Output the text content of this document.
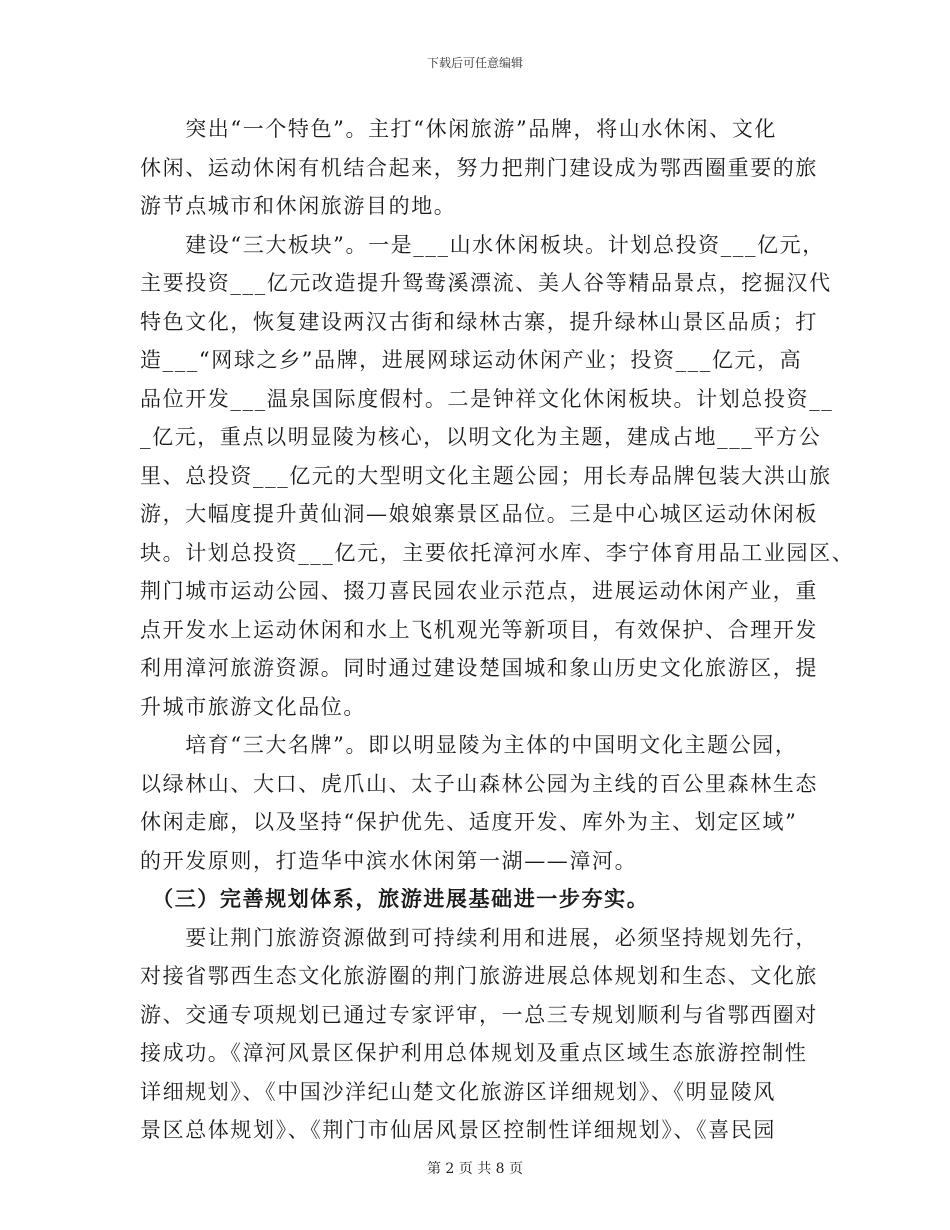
下载后可任意编辑

　　突出“一个特色”。主打“休闲旅游”品牌，将山水休闲、文化
休闲、运动休闲有机结合起来，努力把荆门建设成为鄂西圈重要的旅
游节点城市和休闲旅游目的地。
　　建设“三大板块”。一是___山水休闲板块。计划总投资___亿元，
主要投资___亿元改造提升鸳鸯溪漂流、美人谷等精品景点，挖掘汉代
特色文化，恢复建设两汉古街和绿林古寨，提升绿林山景区品质；打
造___“网球之乡”品牌，进展网球运动休闲产业；投资___亿元，高
品位开发___温泉国际度假村。二是钟祥文化休闲板块。计划总投资__
_亿元，重点以明显陵为核心，以明文化为主题，建成占地___平方公
里、总投资___亿元的大型明文化主题公园；用长寿品牌包装大洪山旅
游，大幅度提升黄仙洞—娘娘寨景区品位。三是中心城区运动休闲板
块。计划总投资___亿元，主要依托漳河水库、李宁体育用品工业园区、
荆门城市运动公园、掇刀喜民园农业示范点，进展运动休闲产业，重
点开发水上运动休闲和水上飞机观光等新项目，有效保护、合理开发
利用漳河旅游资源。同时通过建设楚国城和象山历史文化旅游区，提
升城市旅游文化品位。
　　培育“三大名牌”。即以明显陵为主体的中国明文化主题公园，
以绿林山、大口、虎爪山、太子山森林公园为主线的百公里森林生态
休闲走廊，以及坚持“保护优先、适度开发、库外为主、划定区域”
的开发原则，打造华中滨水休闲第一湖——漳河。
　（三）完善规划体系，旅游进展基础进一步夯实。
　　要让荆门旅游资源做到可持续利用和进展，必须坚持规划先行，
对接省鄂西生态文化旅游圈的荆门旅游进展总体规划和生态、文化旅
游、交通专项规划已通过专家评审，一总三专规划顺利与省鄂西圈对
接成功。《漳河风景区保护利用总体规划及重点区域生态旅游控制性
详细规划》、《中国沙洋纪山楚文化旅游区详细规划》、《明显陵风
景区总体规划》、《荆门市仙居风景区控制性详细规划》、《喜民园

第 2 页 共 8 页
